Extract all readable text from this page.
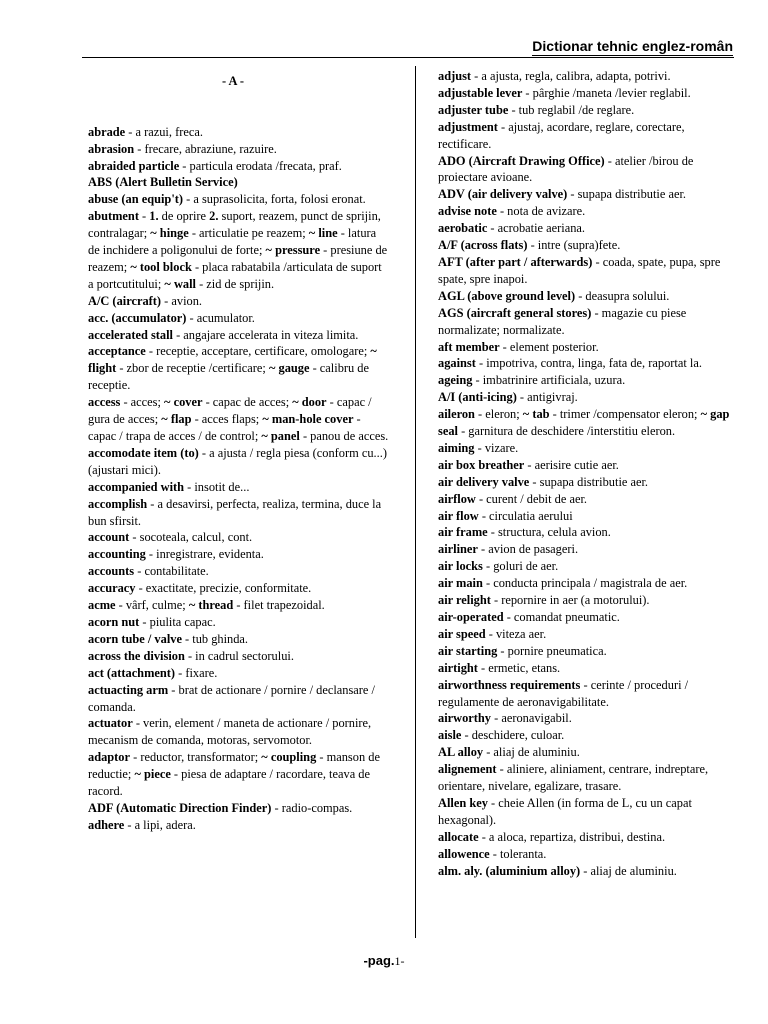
Dictionar tehnic englez-român
- A -

abrade - a razui, freca.

abrasion - frecare, abraziune, razuire.

abraided particle - particula erodata /frecata, praf.

ABS (Alert Bulletin Service)

abuse (an equip't) - a suprasolicita, forta, folosi eronat.

abutment - 1. de oprire 2. suport, reazem, punct de sprijin, contralagar; ~ hinge - articulatie pe reazem; ~ line - latura de inchidere a poligonului de forte; ~ pressure - presiune de reazem; ~ tool block - placa rabatabila /articulata de suport a portcutitului; ~ wall - zid de sprijin.

A/C (aircraft) - avion.

acc. (accumulator) - acumulator.

accelerated stall - angajare accelerata in viteza limita.

acceptance - receptie, acceptare, certificare, omologare; ~ flight - zbor de receptie /certificare; ~ gauge - calibru de receptie.

access - acces; ~ cover - capac de acces; ~ door - capac / gura de acces; ~ flap - acces flaps; ~ man-hole cover - capac / trapa de acces / de control; ~ panel - panou de acces.

accomodate item (to) - a ajusta / regla piesa (conform cu...) (ajustari mici).

accompanied with - insotit de...

accomplish - a desavirsi, perfecta, realiza, termina, duce la bun sfirsit.

account - socoteala, calcul, cont.

accounting - inregistrare, evidenta.

accounts - contabilitate.

accuracy - exactitate, precizie, conformitate.

acme - vârf, culme; ~ thread - filet trapezoidal.

acorn nut - piulita capac.

acorn tube / valve - tub ghinda.

across the division - in cadrul sectorului.

act (attachment) - fixare.

actuacting arm - brat de actionare / pornire / declansare / comanda.

actuator - verin, element / maneta de actionare / pornire, mecanism de comanda, motoras, servomotor.

adaptor - reductor, transformator; ~ coupling - manson de reductie; ~ piece - piesa de adaptare / racordare, teava de racord.

ADF (Automatic Direction Finder) - radio-compas.

adhere - a lipi, adera.

adjust - a ajusta, regla, calibra, adapta, potrivi.

adjustable lever - pârghie /maneta /levier reglabil.

adjuster tube - tub reglabil /de reglare.

adjustment - ajustaj, acordare, reglare, corectare, rectificare.

ADO (Aircraft Drawing Office) - atelier /birou de proiectare avioane.

ADV (air delivery valve) - supapa distributie aer.

advise note - nota de avizare.

aerobatic - acrobatie aeriana.

A/F (across flats) - intre (supra)fete.

AFT (after part / afterwards) - coada, spate, pupa, spre spate, spre inapoi.

AGL (above ground level) - deasupra solului.

AGS (aircraft general stores) - magazie cu piese normalizate; normalizate.

aft member - element posterior.

against - impotriva, contra, linga, fata de, raportat la.

ageing - imbatrinire artificiala, uzura.

A/I (anti-icing) - antigivraj.

aileron - eleron; ~ tab - trimer /compensator eleron; ~ gap seal - garnitura de deschidere /interstitiu eleron.

aiming - vizare.

air box breather - aerisire cutie aer.

air delivery valve - supapa distributie aer.

airflow - curent / debit de aer.

air flow - circulatia aerului

air frame - structura, celula avion.

airliner - avion de pasageri.

air locks - goluri de aer.

air main - conducta principala / magistrala de aer.

air relight - repornire in aer (a motorului).

air-operated - comandat pneumatic.

air speed - viteza aer.

air starting - pornire pneumatica.

airtight - ermetic, etans.

airworthness requirements - cerinte / proceduri / regulamente de aeronavigabilitate.

airworthy - aeronavigabil.

aisle - deschidere, culoar.

AL alloy - aliaj de aluminiu.

alignement - aliniere, aliniament, centrare, indreptare, orientare, nivelare, egalizare, trasare.

Allen key - cheie Allen (in forma de L, cu un capat hexagonal).

allocate - a aloca, repartiza, distribui, destina.

allowence - toleranta.

alm. aly. (aluminium alloy) - aliaj de aluminiu.

-pag.1-
